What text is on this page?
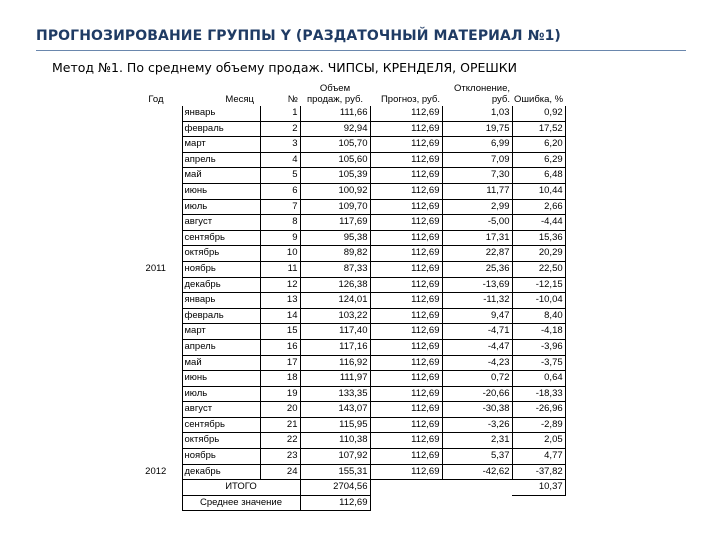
ПРОГНОЗИРОВАНИЕ ГРУППЫ Y (РАЗДАТОЧНЫЙ МАТЕРИАЛ №1)
Метод №1. По среднему объему продаж. ЧИПСЫ, КРЕНДЕЛЯ, ОРЕШКИ
Год	Месяц	№	Объем продаж, руб.	Прогноз, руб.	Отклонение, руб.	Ошибка, %
	январь	1	111,66	112,69	1,03	0,92
	февраль	2	92,94	112,69	19,75	17,52
	март	3	105,70	112,69	6,99	6,20
	апрель	4	105,60	112,69	7,09	6,29
	май	5	105,39	112,69	7,30	6,48
	июнь	6	100,92	112,69	11,77	10,44
	июль	7	109,70	112,69	2,99	2,66
	август	8	117,69	112,69	-5,00	-4,44
	сентябрь	9	95,38	112,69	17,31	15,36
	октябрь	10	89,82	112,69	22,87	20,29
2011	ноябрь	11	87,33	112,69	25,36	22,50
	декабрь	12	126,38	112,69	-13,69	-12,15
	январь	13	124,01	112,69	-11,32	-10,04
	февраль	14	103,22	112,69	9,47	8,40
	март	15	117,40	112,69	-4,71	-4,18
	апрель	16	117,16	112,69	-4,47	-3,96
	май	17	116,92	112,69	-4,23	-3,75
	июнь	18	111,97	112,69	0,72	0,64
	июль	19	133,35	112,69	-20,66	-18,33
	август	20	143,07	112,69	-30,38	-26,96
	сентябрь	21	115,95	112,69	-3,26	-2,89
	октябрь	22	110,38	112,69	2,31	2,05
	ноябрь	23	107,92	112,69	5,37	4,77
2012	декабрь	24	155,31	112,69	-42,62	-37,82
	ИТОГО		2704,56			10,37
	Среднее значение		112,69			
